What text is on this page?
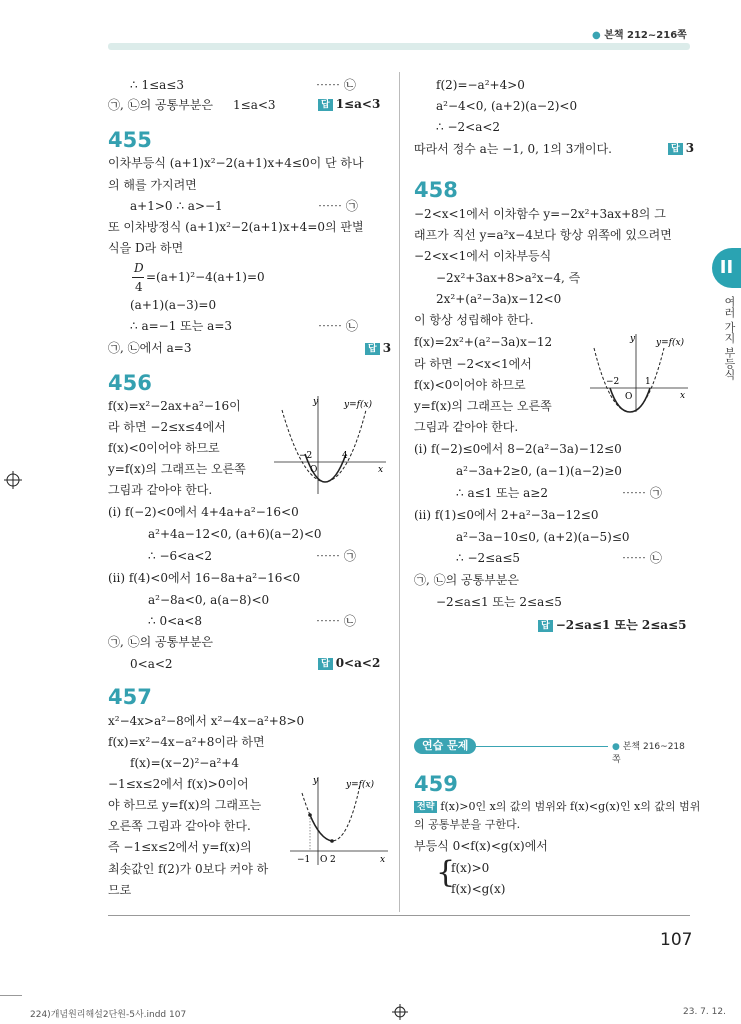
● 본책 212~216쪽
II
여러 가지 부등식
∴ 1≤a≤3	⋯⋯ ㉡
㉠, ㉡의 공통부분은 1≤a<3	답 1≤a<3
455
이차부등식 (a+1)x²−2(a+1)x+4≤0이 단 하나
의 해를 가지려면
a+1>0 ∴ a>−1	⋯⋯ ㉠
또 이차방정식 (a+1)x²−2(a+1)x+4=0의 판별
식을 D라 하면
D
4
=(a+1)²−4(a+1)=0
(a+1)(a−3)=0
∴ a=−1 또는 a=3	⋯⋯ ㉡
㉠, ㉡에서 a=3	답 3
456
f(x)=x²−2ax+a²−16이
라 하면 −2≤x≤4에서
f(x)<0이어야 하므로
y=f(x)의 그래프는 오른쪽
그림과 같아야 한다.
(i) f(−2)<0에서 4+4a+a²−16<0
a²+4a−12<0, (a+6)(a−2)<0
∴ −6<a<2	⋯⋯ ㉠
(ii) f(4)<0에서 16−8a+a²−16<0
a²−8a<0, a(a−8)<0
∴ 0<a<8	⋯⋯ ㉡
㉠, ㉡의 공통부분은
0<a<2	답 0<a<2
y	y=f(x)
x
O
−2	4
457
x²−4x>a²−8에서 x²−4x−a²+8>0
f(x)=x²−4x−a²+8이라 하면
f(x)=(x−2)²−a²+4
−1≤x≤2에서 f(x)>0이어
야 하므로 y=f(x)의 그래프는
오른쪽 그림과 같아야 한다.
즉 −1≤x≤2에서 y=f(x)의
최솟값인 f(2)가 0보다 커야 하
므로
y	y=f(x)
x
O
−1 2
f(2)=−a²+4>0
a²−4<0, (a+2)(a−2)<0
∴ −2<a<2
따라서 정수 a는 −1, 0, 1의 3개이다.	답 3
458
−2<x<1에서 이차함수 y=−2x²+3ax+8의 그
래프가 직선 y=a²x−4보다 항상 위쪽에 있으려면
−2<x<1에서 이차부등식
−2x²+3ax+8>a²x−4, 즉
2x²+(a²−3a)x−12<0
이 항상 성립해야 한다.
f(x)=2x²+(a²−3a)x−12
라 하면 −2<x<1에서
f(x)<0이어야 하므로
y=f(x)의 그래프는 오른쪽
그림과 같아야 한다.
(i) f(−2)≤0에서 8−2(a²−3a)−12≤0
a²−3a+2≥0, (a−1)(a−2)≥0
∴ a≤1 또는 a≥2	⋯⋯ ㉠
(ii) f(1)≤0에서 2+a²−3a−12≤0
a²−3a−10≤0, (a+2)(a−5)≤0
∴ −2≤a≤5	⋯⋯ ㉡
㉠, ㉡의 공통부분은
−2≤a≤1 또는 2≤a≤5
답 −2≤a≤1 또는 2≤a≤5
y y=f(x)
x
O
−2	1
연습 문제	● 본책 216~218쪽
459
전략 f(x)>0인 x의 값의 범위와 f(x)<g(x)인 x의 값의 범위
의 공통부분을 구한다.
부등식 0<f(x)<g(x)에서
{
f(x)>0
f(x)<g(x)
107
224)개념원리해설2단원-5사.indd 107	23. 7. 12.
